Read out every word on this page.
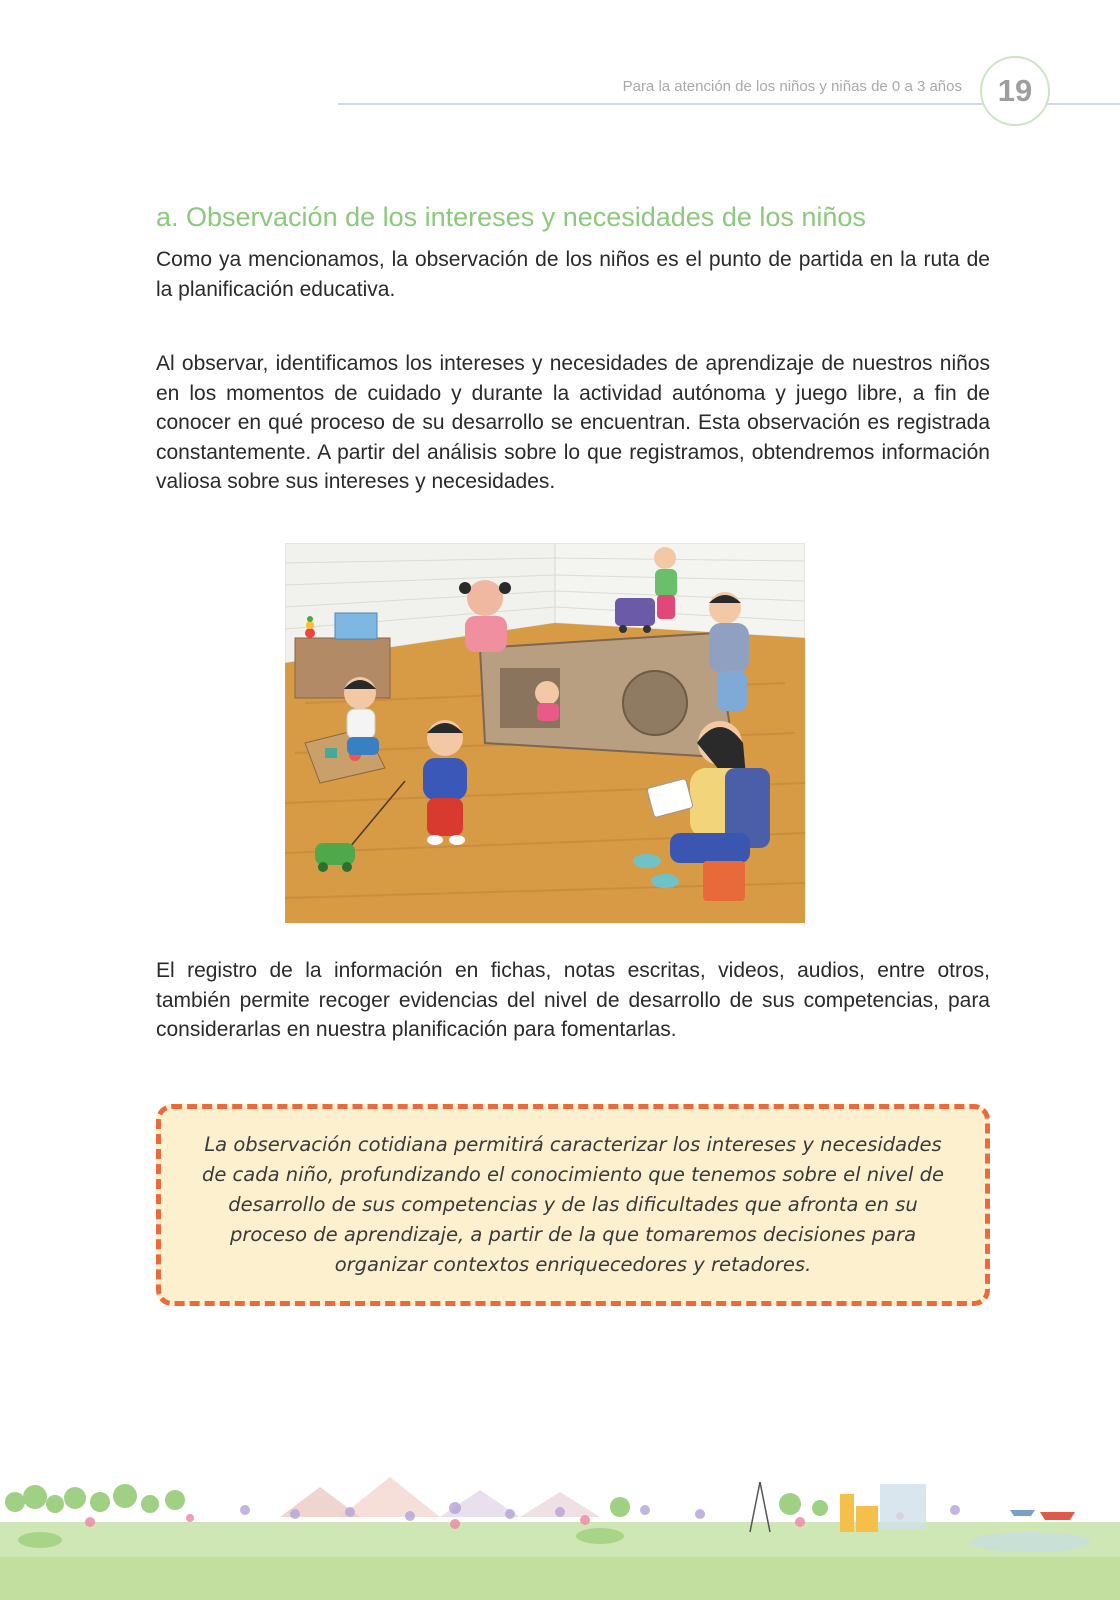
Para la atención de los niños y niñas de 0 a 3 años	19
a. Observación de los intereses y necesidades de los niños

Como ya mencionamos, la observación de los niños es el punto de partida en la ruta de la planificación educativa.

Al observar, identificamos los intereses y necesidades de aprendizaje de nuestros niños en los momentos de cuidado y durante la actividad autónoma y juego libre, a fin de conocer en qué proceso de su desarrollo se encuentran. Esta observación es registrada constantemente. A partir del análisis sobre lo que registramos, obtendremos información valiosa sobre sus intereses y necesidades.

El registro de la información en fichas, notas escritas, videos, audios, entre otros, también permite recoger evidencias del nivel de desarrollo de sus competencias, para considerarlas en nuestra planificación para fomentarlas.

La observación cotidiana permitirá caracterizar los intereses y necesidades de cada niño, profundizando el conocimiento que tenemos sobre el nivel de desarrollo de sus competencias y de las dificultades que afronta en su proceso de aprendizaje, a partir de la que tomaremos decisiones para organizar contextos enriquecedores y retadores.
